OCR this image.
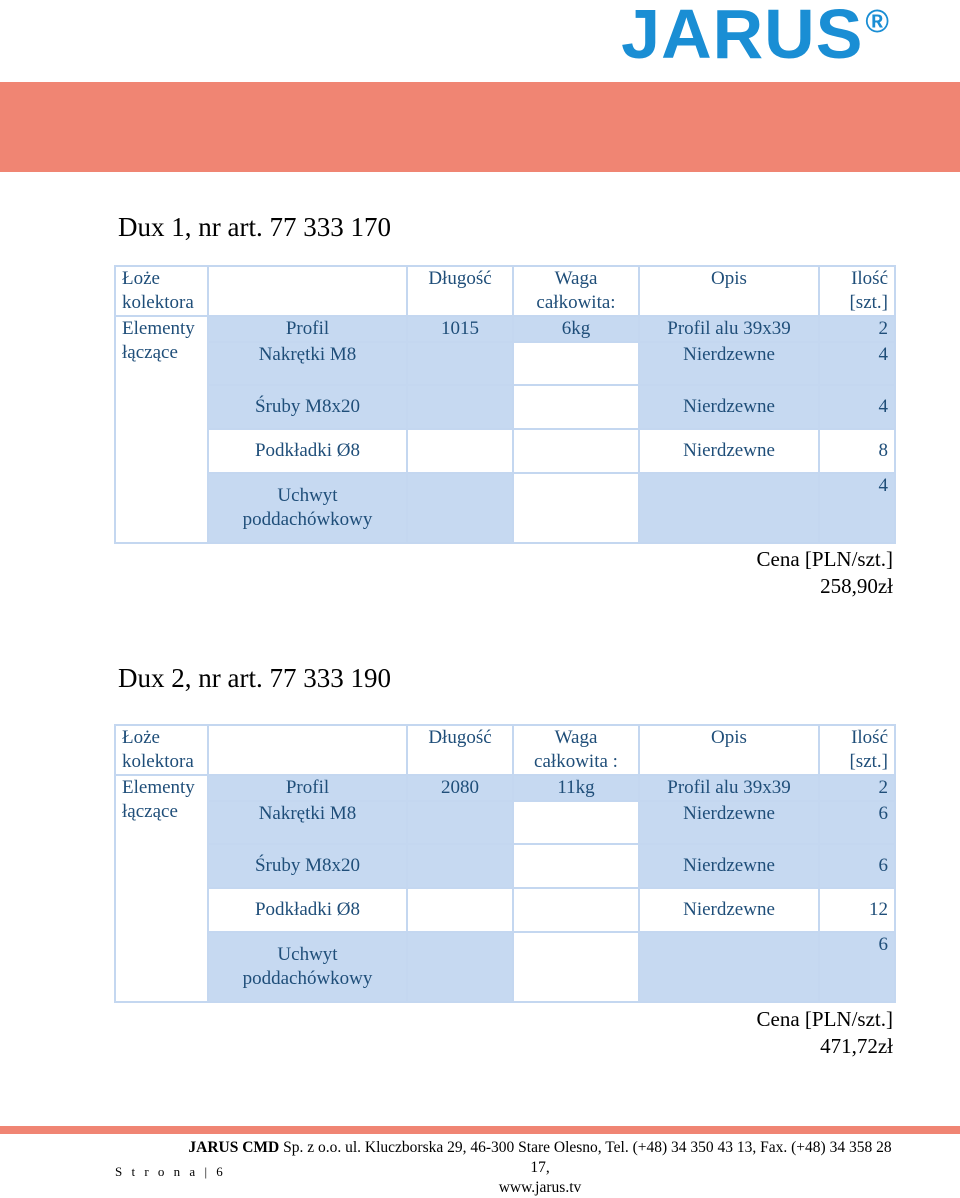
JARUS®
Dux 1, nr art. 77 333 170
Łoże kolektora		Długość	Waga całkowita:	Opis	Ilość [szt.]
Elementy łączące	Profil	1015	6kg	Profil alu 39x39	2
	Nakrętki M8			Nierdzewne	4
	Śruby M8x20			Nierdzewne	4
	Podkładki Ø8			Nierdzewne	8
	Uchwyt poddachówkowy				4
Cena [PLN/szt.]
258,90zł
Dux 2, nr art. 77 333 190
Łoże kolektora		Długość	Waga całkowita :	Opis	Ilość [szt.]
Elementy łączące	Profil	2080	11kg	Profil alu 39x39	2
	Nakrętki M8			Nierdzewne	6
	Śruby M8x20			Nierdzewne	6
	Podkładki Ø8			Nierdzewne	12
	Uchwyt poddachówkowy				6
Cena [PLN/szt.]
471,72zł
JARUS CMD Sp. z o.o. ul. Kluczborska 29, 46-300 Stare Olesno, Tel. (+48) 34 350 43 13, Fax. (+48) 34 358 28 17,
www.jarus.tv
S t r o n a | 6
